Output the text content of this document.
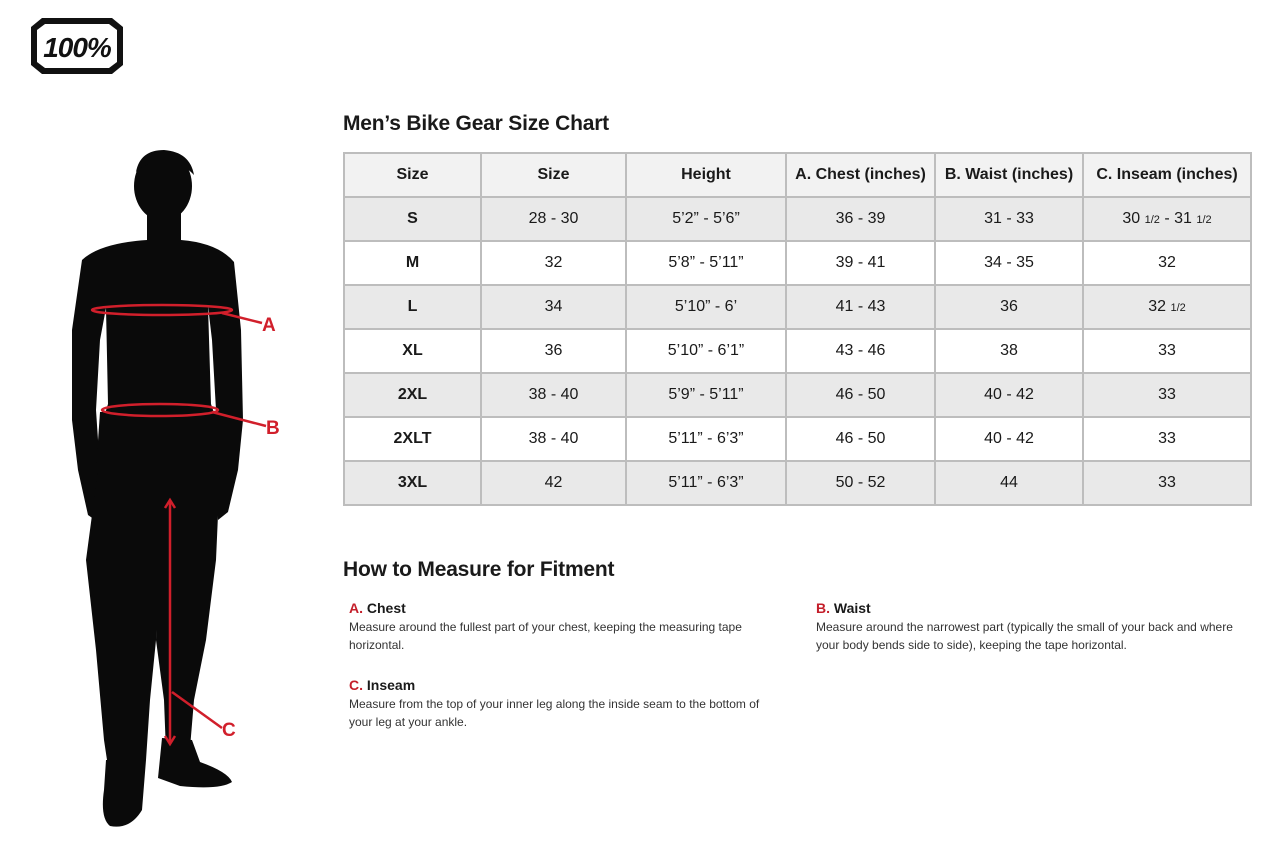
100%
A
B
C
Men’s Bike Gear Size Chart
Size	Size	Height	A. Chest (inches)	B. Waist (inches)	C. Inseam (inches)
S	28 - 30	5’2” - 5’6”	36 - 39	31 - 33	30 1/2 - 31 1/2
M	32	5’8” - 5’11”	39 - 41	34 - 35	32
L	34	5’10” - 6’	41 - 43	36	32 1/2
XL	36	5’10” - 6’1”	43 - 46	38	33
2XL	38 - 40	5’9” - 5’11”	46 - 50	40 - 42	33
2XLT	38 - 40	5’11” - 6’3”	46 - 50	40 - 42	33
3XL	42	5’11” - 6’3”	50 - 52	44	33
How to Measure for Fitment

A. Chest

Measure around the fullest part of your chest, keeping the measuring tape horizontal.

B. Waist

Measure around the narrowest part (typically the small of your back and where your body bends side to side), keeping the tape horizontal.

C. Inseam

Measure from the top of your inner leg along the inside seam to the bottom of your leg at your ankle.
